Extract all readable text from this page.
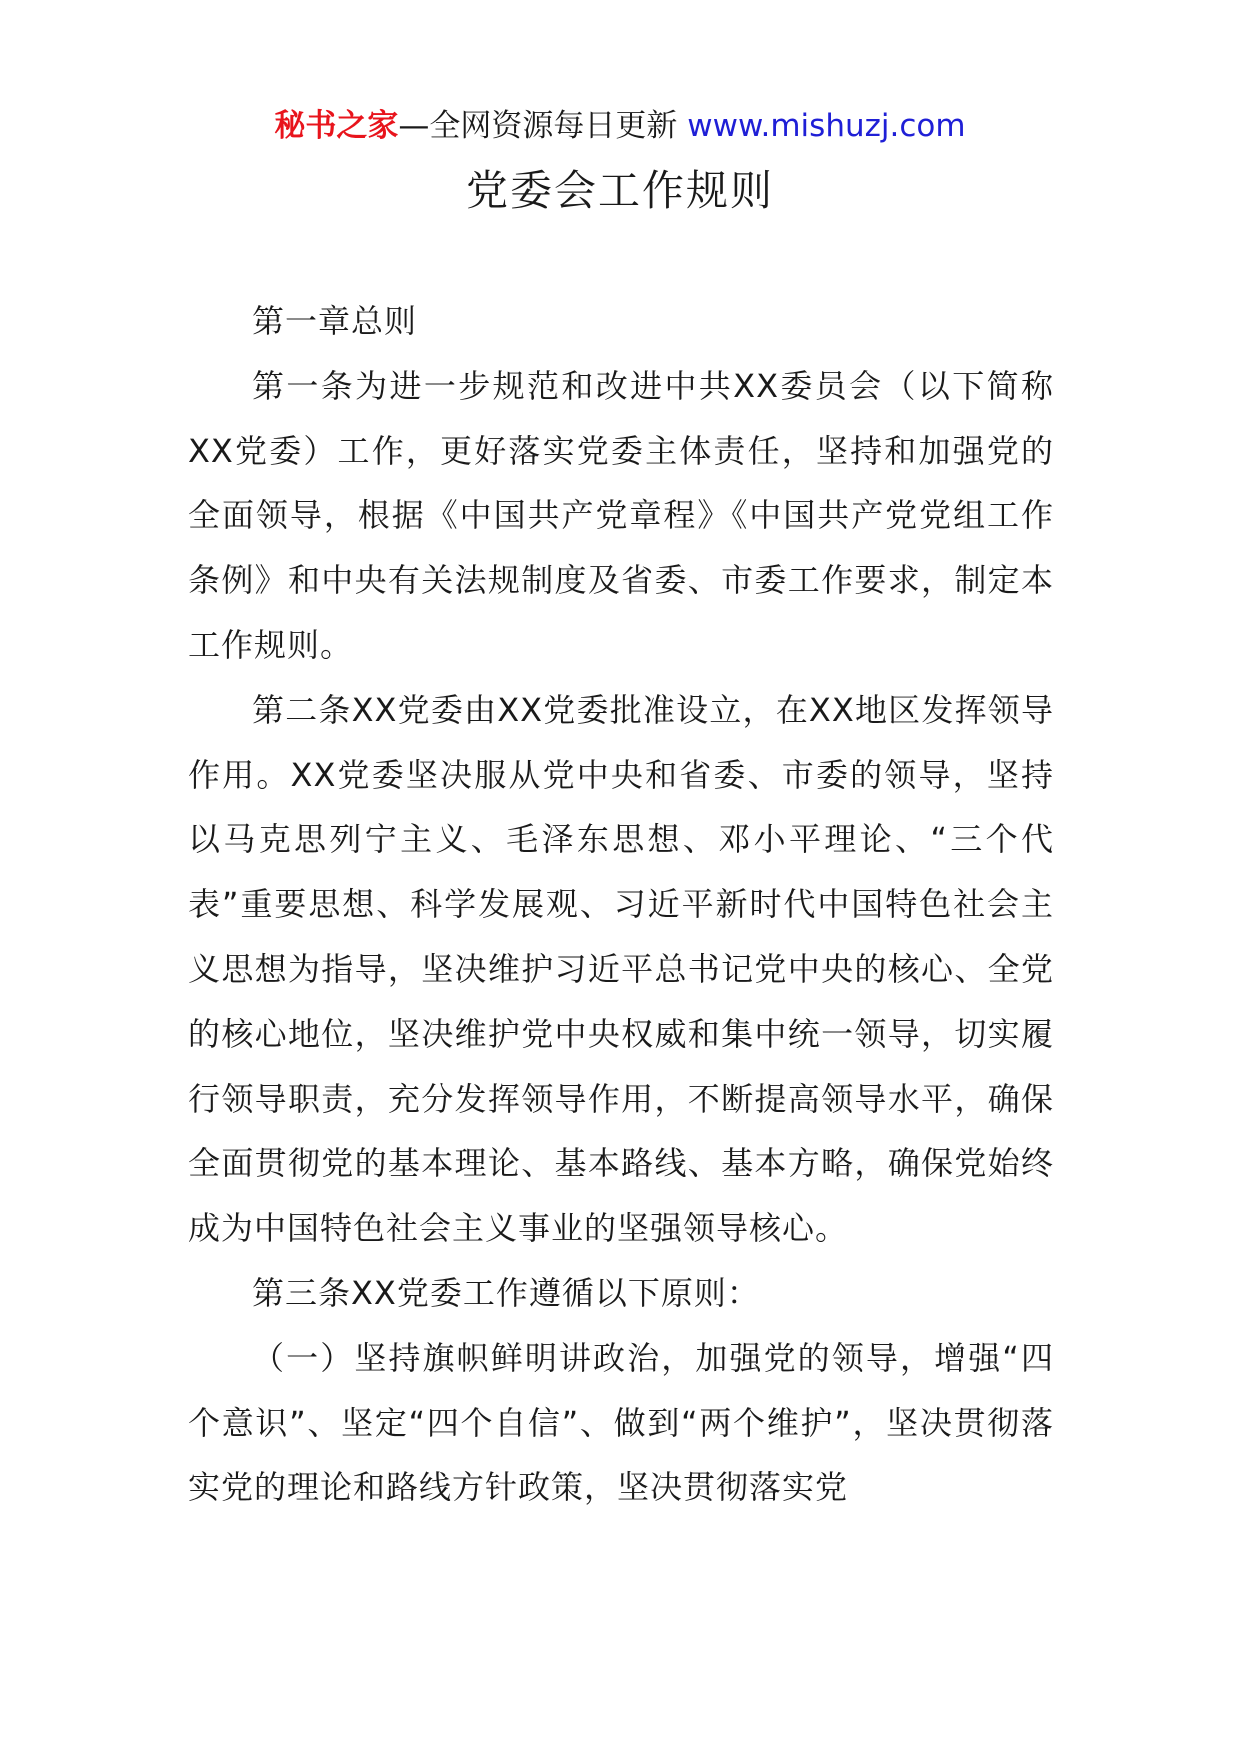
秘书之家—全网资源每日更新 www.mishuzj.com
党委会工作规则

第一章总则

第一条为进一步规范和改进中共XX委员会（以下简称XX党委）工作，更好落实党委主体责任，坚持和加强党的全面领导，根据《中国共产党章程》《中国共产党党组工作条例》和中央有关法规制度及省委、市委工作要求，制定本工作规则。

第二条XX党委由XX党委批准设立，在XX地区发挥领导作用。XX党委坚决服从党中央和省委、市委的领导，坚持以马克思列宁主义、毛泽东思想、邓小平理论、“三个代表”重要思想、科学发展观、习近平新时代中国特色社会主义思想为指导，坚决维护习近平总书记党中央的核心、全党的核心地位，坚决维护党中央权威和集中统一领导，切实履行领导职责，充分发挥领导作用，不断提高领导水平，确保全面贯彻党的基本理论、基本路线、基本方略，确保党始终成为中国特色社会主义事业的坚强领导核心。

第三条XX党委工作遵循以下原则：

（一）坚持旗帜鲜明讲政治，加强党的领导，增强“四个意识”、坚定“四个自信”、做到“两个维护”，坚决贯彻落实党的理论和路线方针政策，坚决贯彻落实党
